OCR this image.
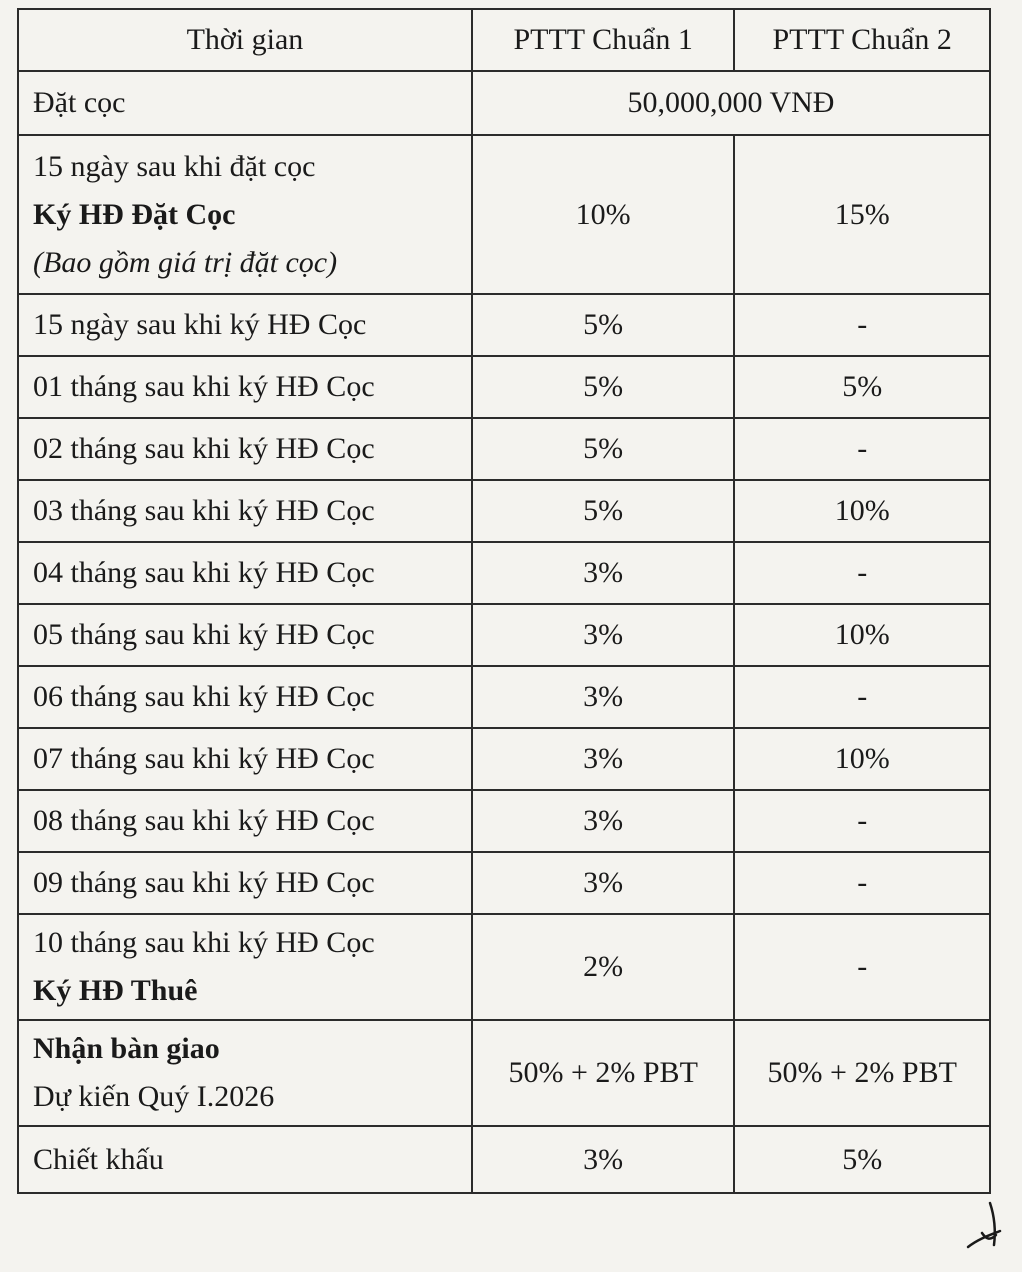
Thời gian	PTTT Chuẩn 1	PTTT Chuẩn 2
Đặt cọc	50,000,000 VNĐ	

15 ngày sau khi đặt cọc
Ký HĐ Đặt Cọc
(Bao gồm giá trị đặt cọc)	10%	15%
15 ngày sau khi ký HĐ Cọc	5%	-
01 tháng sau khi ký HĐ Cọc	5%	5%
02 tháng sau khi ký HĐ Cọc	5%	-
03 tháng sau khi ký HĐ Cọc	5%	10%
04 tháng sau khi ký HĐ Cọc	3%	-
05 tháng sau khi ký HĐ Cọc	3%	10%
06 tháng sau khi ký HĐ Cọc	3%	-
07 tháng sau khi ký HĐ Cọc	3%	10%
08 tháng sau khi ký HĐ Cọc	3%	-
09 tháng sau khi ký HĐ Cọc	3%	-

10 tháng sau khi ký HĐ Cọc
Ký HĐ Thuê	2%	-

Nhận bàn giao
Dự kiến Quý I.2026	50% + 2% PBT	50% + 2% PBT
Chiết khấu	3%	5%
